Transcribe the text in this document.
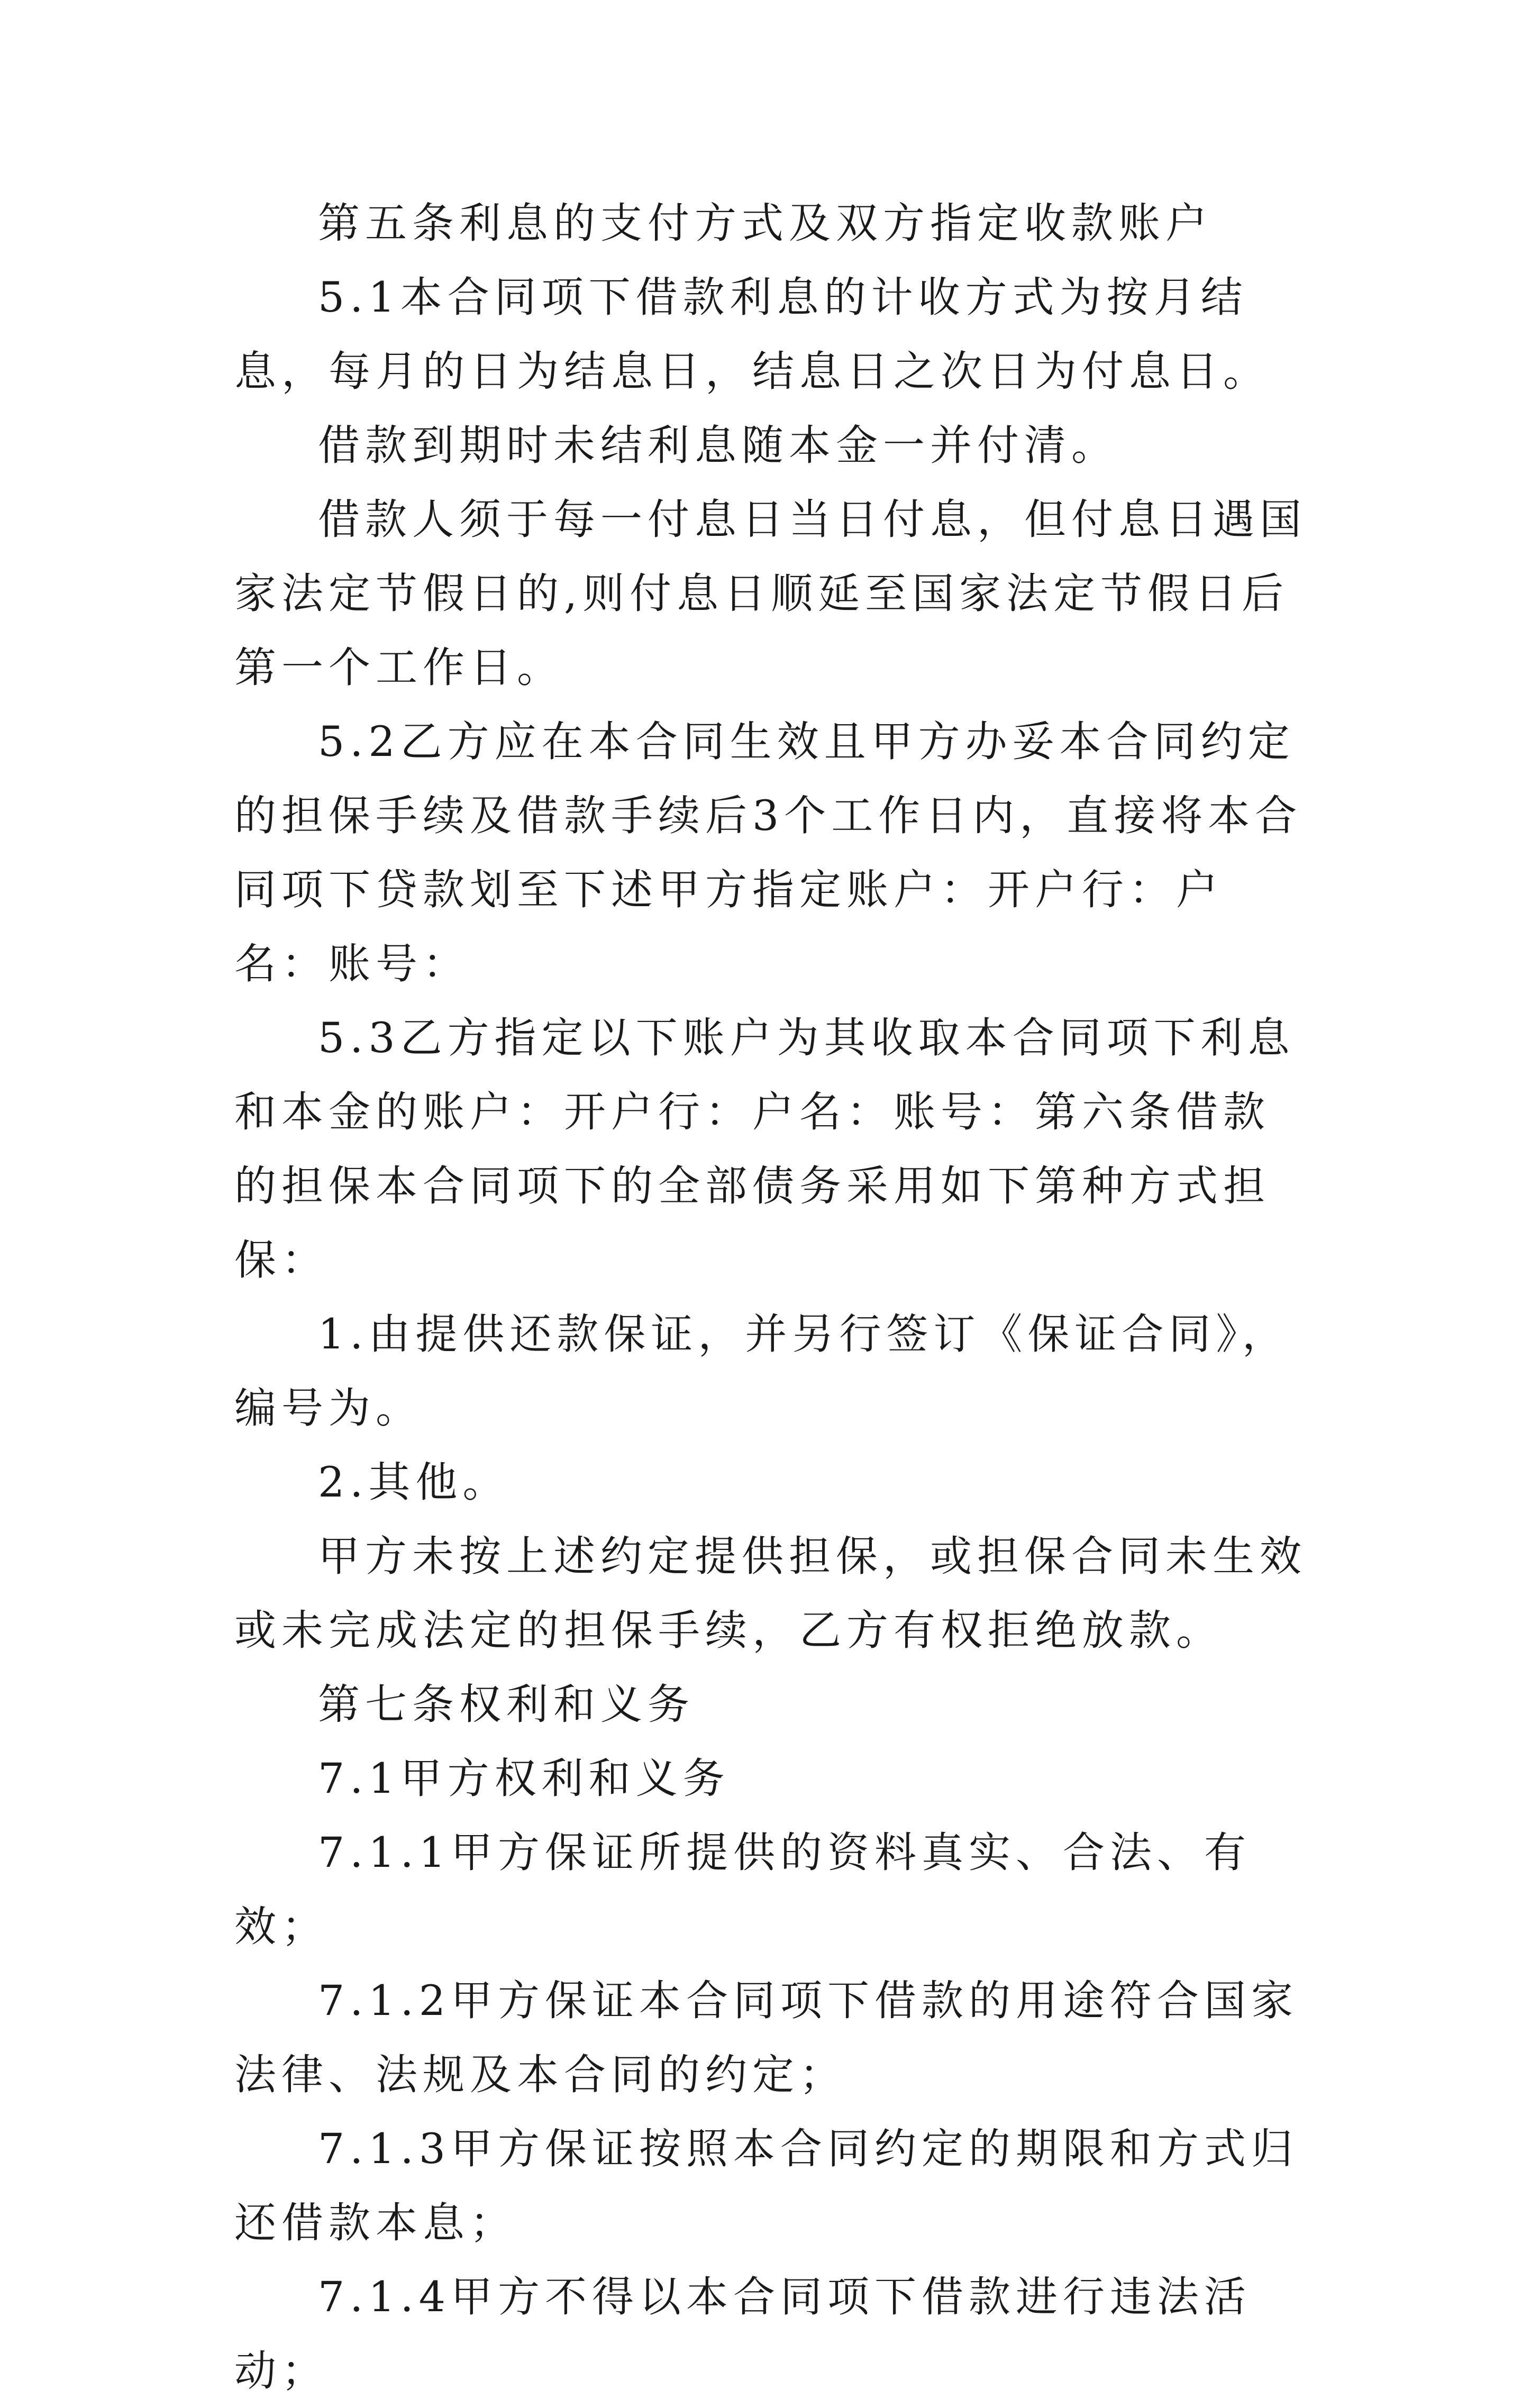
第五条利息的支付方式及双方指定收款账户

5.1本合同项下借款利息的计收方式为按月结息，每月的日为结息日，结息日之次日为付息日。

借款到期时未结利息随本金一并付清。

借款人须于每一付息日当日付息，但付息日遇国家法定节假日的,则付息日顺延至国家法定节假日后第一个工作日。

5.2乙方应在本合同生效且甲方办妥本合同约定的担保手续及借款手续后3个工作日内，直接将本合同项下贷款划至下述甲方指定账户：开户行：户名：账号：

5.3乙方指定以下账户为其收取本合同项下利息和本金的账户：开户行：户名：账号：第六条借款的担保本合同项下的全部债务采用如下第种方式担保：

1.由提供还款保证，并另行签订《保证合同》，编号为。

2.其他。

甲方未按上述约定提供担保，或担保合同未生效或未完成法定的担保手续，乙方有权拒绝放款。

第七条权利和义务

7.1甲方权利和义务

7.1.1甲方保证所提供的资料真实、合法、有效；

7.1.2甲方保证本合同项下借款的用途符合国家法律、法规及本合同的约定；

7.1.3甲方保证按照本合同约定的期限和方式归还借款本息；

7.1.4甲方不得以本合同项下借款进行违法活动；
